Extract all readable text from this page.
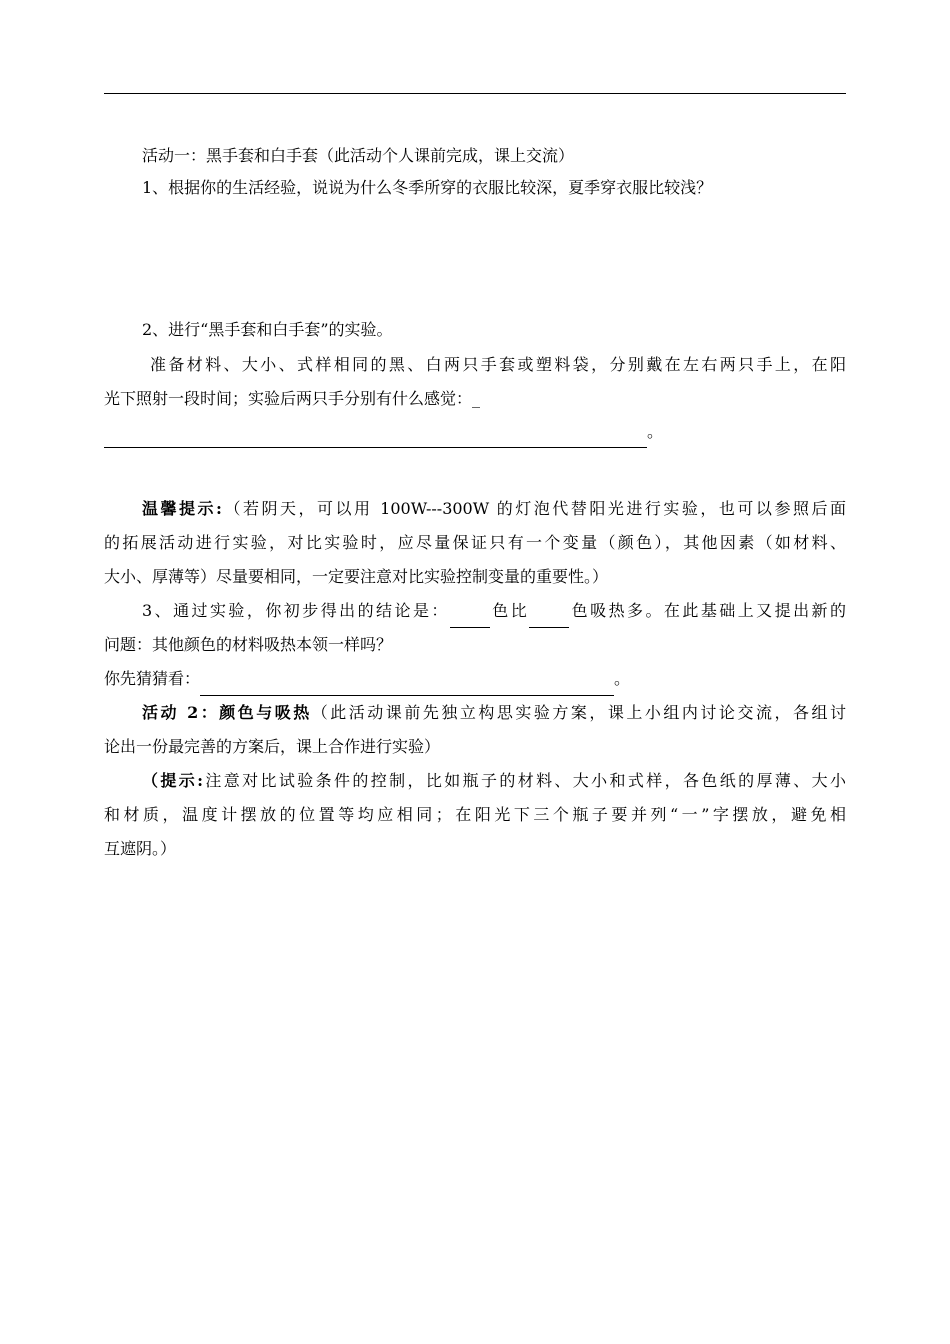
活动一：黑手套和白手套（此活动个人课前完成，课上交流）

1、根据你的生活经验，说说为什么冬季所穿的衣服比较深，夏季穿衣服比较浅？

2、进行“黑手套和白手套”的实验。

准备材料、大小、式样相同的黑、白两只手套或塑料袋，分别戴在左右两只手上，在阳

光下照射一段时间；实验后两只手分别有什么感觉：_

。

温馨提示:（若阴天，可以用 100W---300W 的灯泡代替阳光进行实验，也可以参照后面

的拓展活动进行实验，对比实验时，应尽量保证只有一个变量（颜色），其他因素（如材料、

大小、厚薄等）尽量要相同，一定要注意对比实验控制变量的重要性。）

3、通过实验，你初步得出的结论是：	色比	色吸热多。在此基础上又提出新的

问题：其他颜色的材料吸热本领一样吗？

你先猜猜看：	。

活动 2：颜色与吸热（此活动课前先独立构思实验方案，课上小组内讨论交流，各组讨

论出一份最完善的方案后，课上合作进行实验）

（提示:注意对比试验条件的控制，比如瓶子的材料、大小和式样，各色纸的厚薄、大小

和材质，温度计摆放的位置等均应相同；在阳光下三个瓶子要并列“一”字摆放，避免相

互遮阴。）
